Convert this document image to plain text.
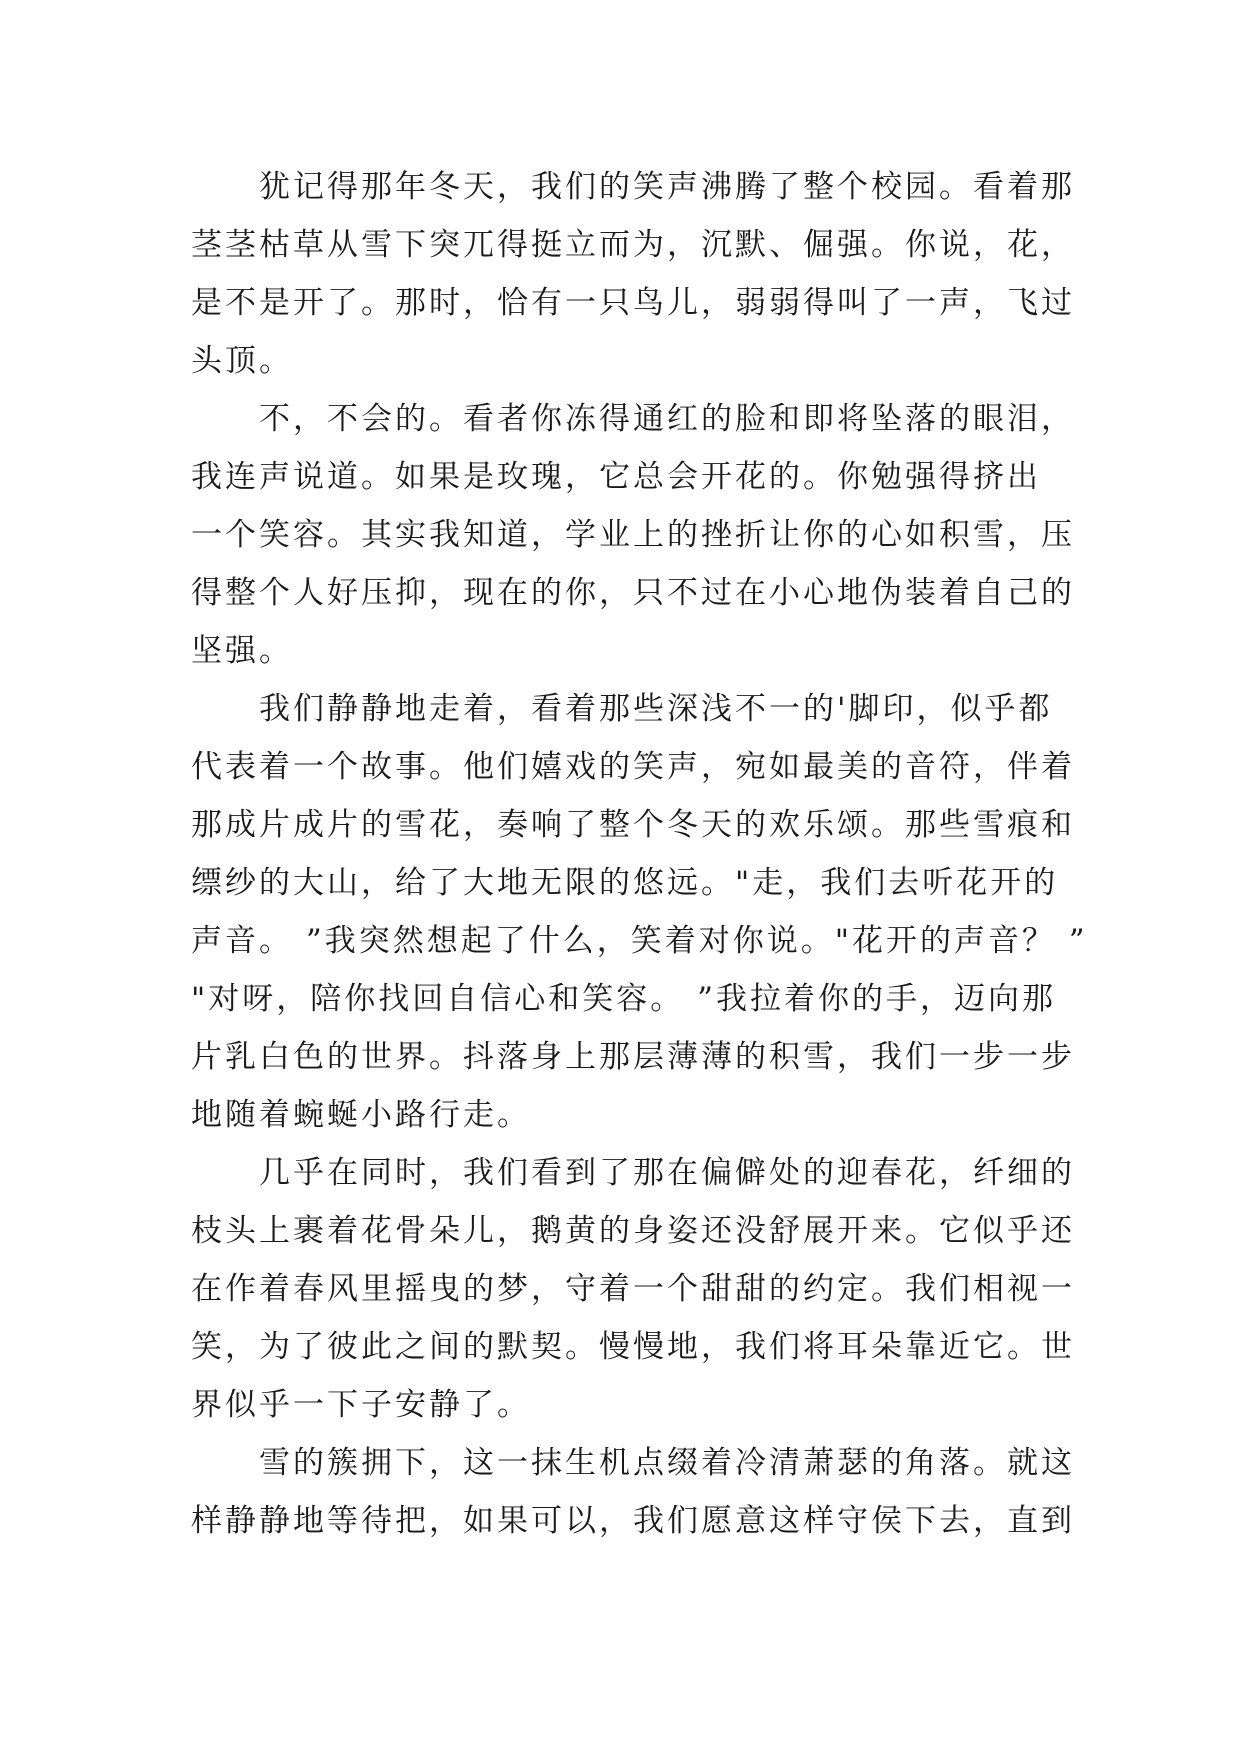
犹记得那年冬天，我们的笑声沸腾了整个校园。看着那
茎茎枯草从雪下突兀得挺立而为，沉默、倔强。你说，花，
是不是开了。那时，恰有一只鸟儿，弱弱得叫了一声，飞过
头顶。
不，不会的。看者你冻得通红的脸和即将坠落的眼泪，
我连声说道。如果是玫瑰，它总会开花的。你勉强得挤出
一个笑容。其实我知道，学业上的挫折让你的心如积雪，压
得整个人好压抑，现在的你，只不过在小心地伪装着自己的
坚强。
我们静静地走着，看着那些深浅不一的'脚印，似乎都
代表着一个故事。他们嬉戏的笑声，宛如最美的音符，伴着
那成片成片的雪花，奏响了整个冬天的欢乐颂。那些雪痕和
缥纱的大山，给了大地无限的悠远。"走，我们去听花开的
声音。 ”我突然想起了什么，笑着对你说。"花开的声音？ ”
"对呀，陪你找回自信心和笑容。 ”我拉着你的手，迈向那
片乳白色的世界。抖落身上那层薄薄的积雪，我们一步一步
地随着蜿蜒小路行走。
几乎在同时，我们看到了那在偏僻处的迎春花，纤细的
枝头上裹着花骨朵儿，鹅黄的身姿还没舒展开来。它似乎还
在作着春风里摇曳的梦，守着一个甜甜的约定。我们相视一
笑，为了彼此之间的默契。慢慢地，我们将耳朵靠近它。世
界似乎一下子安静了。
雪的簇拥下，这一抹生机点缀着冷清萧瑟的角落。就这
样静静地等待把，如果可以，我们愿意这样守侯下去，直到
